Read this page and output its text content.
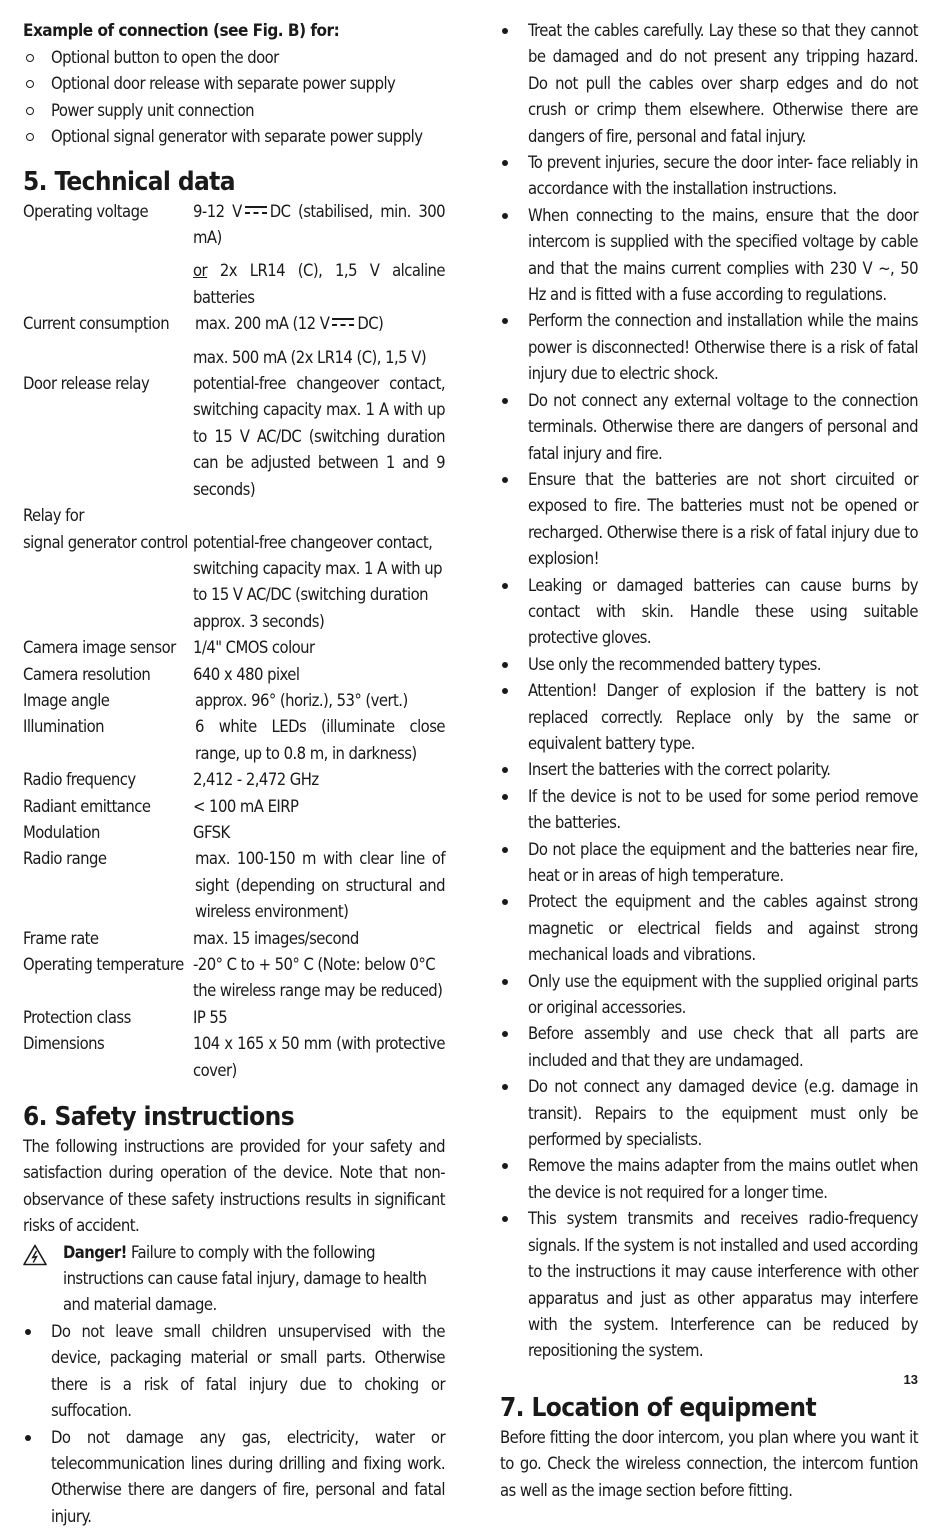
Example of connection (see Fig. B) for:
Optional button to open the door
Optional door release with separate power supply
Power supply unit connection
Optional signal generator with separate power supply
5. Technical data
Operating voltage	9-12 V DC (stabilised, min. 300 mA)
	or 2x LR14 (C), 1,5 V alcaline batteries
Current consumption	max. 200 mA (12 V DC)
	max. 500 mA (2x LR14 (C), 1,5 V)
Door release relay	potential-free changeover contact, switching capacity max. 1 A with up to 15 V AC/DC (switching duration can be adjusted between 1 and 9 seconds)
Relay for
signal generator control	potential-free changeover contact, switching capacity max. 1 A with up to 15 V AC/DC (switching duration approx. 3 seconds)
Camera image sensor	1/4" CMOS colour
Camera resolution	640 x 480 pixel
Image angle	approx. 96° (horiz.), 53° (vert.)
Illumination	6 white LEDs (illuminate close range, up to 0.8 m, in darkness)
Radio frequency	2,412 - 2,472 GHz
Radiant emittance	< 100 mA EIRP
Modulation	GFSK
Radio range	max. 100-150 m with clear line of sight (depending on structural and wireless environment)
Frame rate	max. 15 images/second
Operating temperature	-20° C to + 50° C (Note: below 0°C the wireless range may be reduced)
Protection class	IP 55
Dimensions	104 x 165 x 50 mm (with protective cover)
6. Safety instructions
The following instructions are provided for your safety and satisfaction during operation of the device. Note that non-observance of these safety instructions results in significant risks of accident.
Danger! Failure to comply with the following instructions can cause fatal injury, damage to health and material damage.
Do not leave small children unsupervised with the device, packaging material or small parts. Otherwise there is a risk of fatal injury due to choking or suffocation.
Do not damage any gas, electricity, water or telecommunication lines during drilling and fixing work. Otherwise there are dangers of fire, personal and fatal injury.
Treat the cables carefully. Lay these so that they cannot be damaged and do not present any tripping hazard. Do not pull the cables over sharp edges and do not crush or crimp them elsewhere. Otherwise there are dangers of fire, personal and fatal injury.
To prevent injuries, secure the door inter- face reliably in accordance with the installation instructions.
When connecting to the mains, ensure that the door intercom is supplied with the specified voltage by cable and that the mains current complies with 230 V ~, 50 Hz and is fitted with a fuse according to regulations.
Perform the connection and installation while the mains power is disconnected! Otherwise there is a risk of fatal injury due to electric shock.
Do not connect any external voltage to the connection terminals. Otherwise there are dangers of personal and fatal injury and fire.
Ensure that the batteries are not short circuited or exposed to fire. The batteries must not be opened or recharged. Otherwise there is a risk of fatal injury due to explosion!
Leaking or damaged batteries can cause burns by contact with skin. Handle these using suitable protective gloves.
Use only the recommended battery types.
Attention! Danger of explosion if the battery is not replaced correctly. Replace only by the same or equivalent battery type.
Insert the batteries with the correct polarity.
If the device is not to be used for some period remove the batteries.
Do not place the equipment and the batteries near fire, heat or in areas of high temperature.
Protect the equipment and the cables against strong magnetic or electrical fields and against strong mechanical loads and vibrations.
Only use the equipment with the supplied original parts or original accessories.
Before assembly and use check that all parts are included and that they are undamaged.
Do not connect any damaged device (e.g. damage in transit). Repairs to the equipment must only be performed by specialists.
Remove the mains adapter from the mains outlet when the device is not required for a longer time.
This system transmits and receives radio-frequency signals. If the system is not installed and used according to the instructions it may cause interference with other apparatus and just as other apparatus may interfere with the system. Interference can be reduced by repositioning the system.
7. Location of equipment
Before fitting the door intercom, you plan where you want it to go. Check the wireless connection, the intercom funtion as well as the image section before fitting.
13
